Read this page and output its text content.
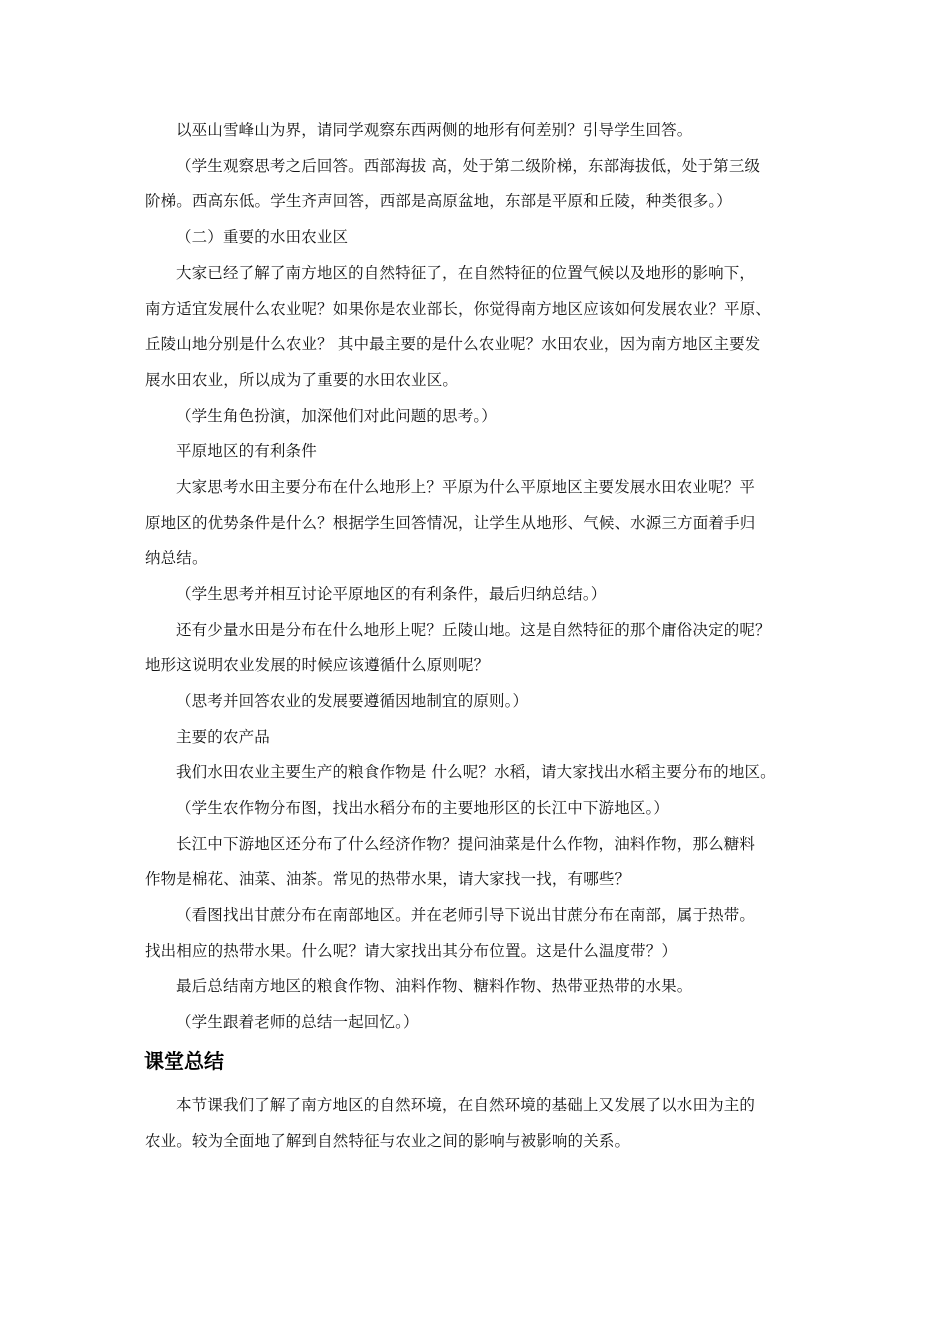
以巫山雪峰山为界，请同学观察东西两侧的地形有何差别？引导学生回答。
（学生观察思考之后回答。西部海拔 高，处于第二级阶梯，东部海拔低，处于第三级
阶梯。西高东低。学生齐声回答，西部是高原盆地，东部是平原和丘陵，种类很多。）
（二）重要的水田农业区
大家已经了解了南方地区的自然特征了，在自然特征的位置气候以及地形的影响下，
南方适宜发展什么农业呢？如果你是农业部长，你觉得南方地区应该如何发展农业？平原、
丘陵山地分别是什么农业？ 其中最主要的是什么农业呢？水田农业，因为南方地区主要发
展水田农业，所以成为了重要的水田农业区。
（学生角色扮演，加深他们对此问题的思考。）
平原地区的有利条件
大家思考水田主要分布在什么地形上？平原为什么平原地区主要发展水田农业呢？平
原地区的优势条件是什么？根据学生回答情况，让学生从地形、气候、水源三方面着手归
纳总结。
（学生思考并相互讨论平原地区的有利条件，最后归纳总结。）
还有少量水田是分布在什么地形上呢？丘陵山地。这是自然特征的那个庸俗决定的呢？
地形这说明农业发展的时候应该遵循什么原则呢？
（思考并回答农业的发展要遵循因地制宜的原则。）
主要的农产品
我们水田农业主要生产的粮食作物是 什么呢？水稻，请大家找出水稻主要分布的地区。
（学生农作物分布图，找出水稻分布的主要地形区的长江中下游地区。）
长江中下游地区还分布了什么经济作物？提问油菜是什么作物，油料作物，那么糖料
作物是棉花、油菜、油茶。常见的热带水果，请大家找一找，有哪些？
（看图找出甘蔗分布在南部地区。并在老师引导下说出甘蔗分布在南部，属于热带。
找出相应的热带水果。什么呢？请大家找出其分布位置。这是什么温度带？）
最后总结南方地区的粮食作物、油料作物、糖料作物、热带亚热带的水果。
（学生跟着老师的总结一起回忆。）
课堂总结
本节课我们了解了南方地区的自然环境，在自然环境的基础上又发展了以水田为主的
农业。较为全面地了解到自然特征与农业之间的影响与被影响的关系。
